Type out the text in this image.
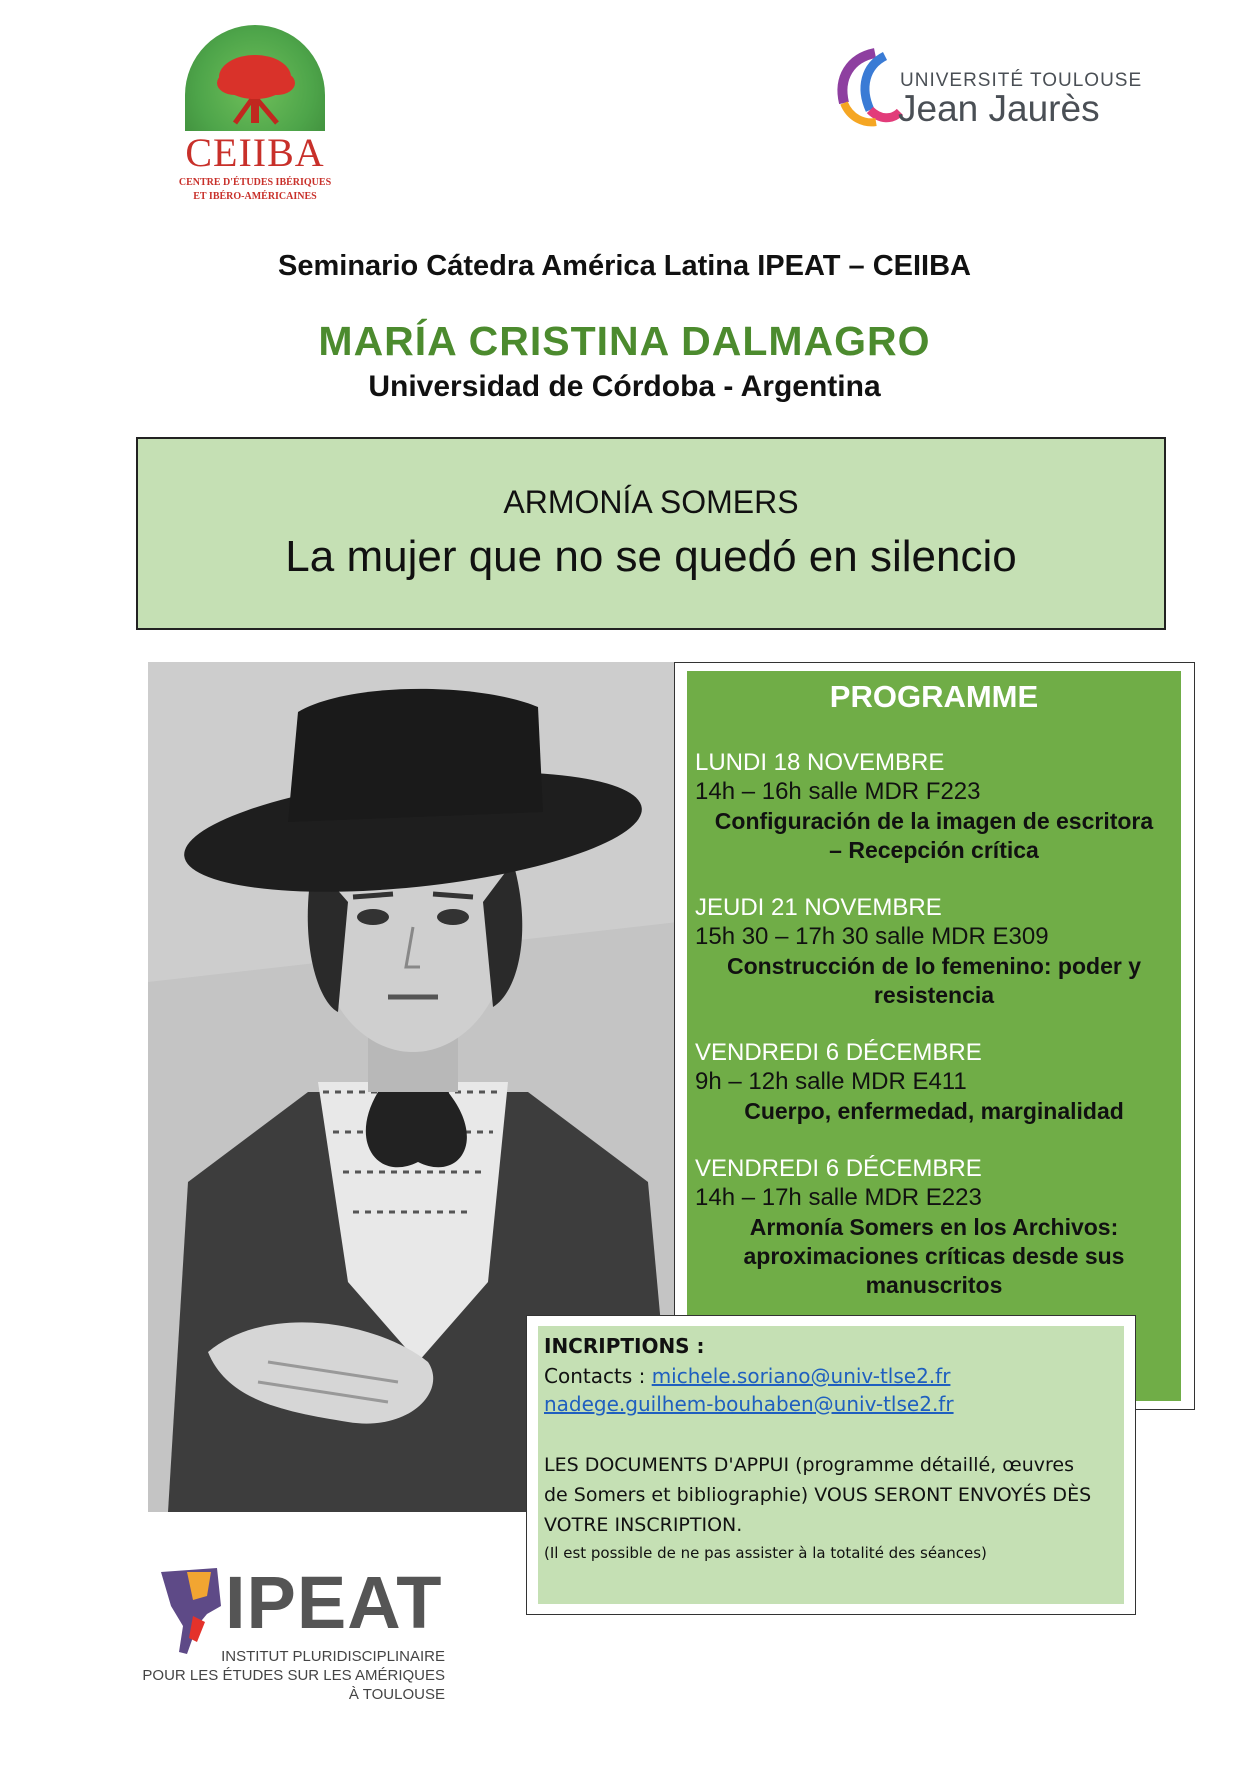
CEIIBA
CENTRE D'ÉTUDES IBÉRIQUES
ET IBÉRO-AMÉRICAINES
UNIVERSITÉ TOULOUSE
Jean Jaurès
Seminario Cátedra América Latina IPEAT – CEIIBA
MARÍA CRISTINA DALMAGRO
Universidad de Córdoba - Argentina
ARMONÍA SOMERS
La mujer que no se quedó en silencio
PROGRAMME
LUNDI 18 NOVEMBRE
14h – 16h salle MDR F223
Configuración de la imagen de escritora
– Recepción crítica
JEUDI 21 NOVEMBRE
15h 30 – 17h 30 salle MDR E309
Construcción de lo femenino: poder y
resistencia
VENDREDI 6 DÉCEMBRE
9h – 12h salle MDR E411
Cuerpo, enfermedad, marginalidad
VENDREDI 6 DÉCEMBRE
14h – 17h salle MDR E223
Armonía Somers en los Archivos:
aproximaciones críticas desde sus
manuscritos
INCRIPTIONS :
Contacts : michele.soriano@univ-tlse2.fr
nadege.guilhem-bouhaben@univ-tlse2.fr
LES DOCUMENTS D'APPUI (programme détaillé, œuvres
de Somers et bibliographie) VOUS SERONT ENVOYÉS DÈS
VOTRE INSCRIPTION.
(Il est possible de ne pas assister à la totalité des séances)
IPEAT
INSTITUT PLURIDISCIPLINAIRE
POUR LES ÉTUDES SUR LES AMÉRIQUES
À TOULOUSE
